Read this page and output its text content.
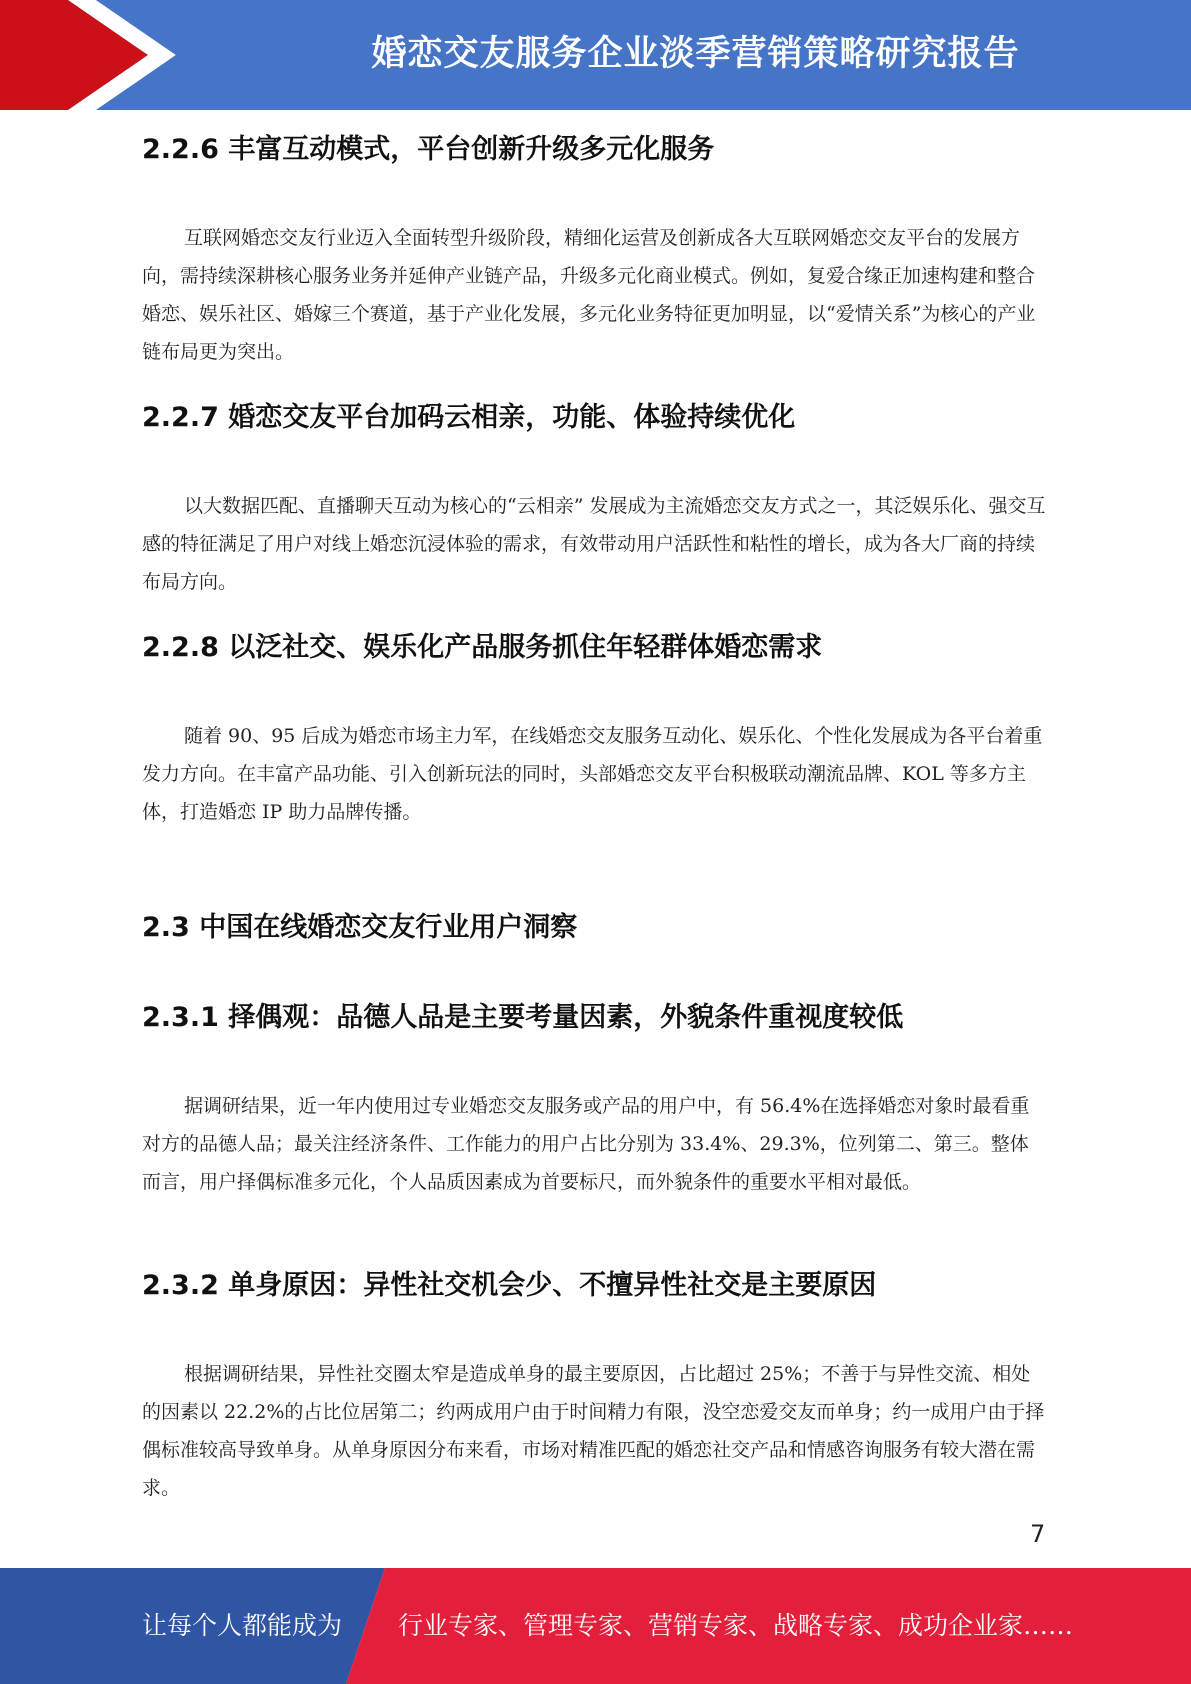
婚恋交友服务企业淡季营销策略研究报告
2.2.6 丰富互动模式，平台创新升级多元化服务

互联网婚恋交友行业迈入全面转型升级阶段，精细化运营及创新成各大互联网婚恋交友平台的发展方向，需持续深耕核心服务业务并延伸产业链产品，升级多元化商业模式。例如，复爱合缘正加速构建和整合婚恋、娱乐社区、婚嫁三个赛道，基于产业化发展，多元化业务特征更加明显，以“爱情关系”为核心的产业链布局更为突出。

2.2.7 婚恋交友平台加码云相亲，功能、体验持续优化

以大数据匹配、直播聊天互动为核心的“云相亲” 发展成为主流婚恋交友方式之一，其泛娱乐化、强交互感的特征满足了用户对线上婚恋沉浸体验的需求，有效带动用户活跃性和粘性的增长，成为各大厂商的持续布局方向。

2.2.8 以泛社交、娱乐化产品服务抓住年轻群体婚恋需求

随着 90、95 后成为婚恋市场主力军，在线婚恋交友服务互动化、娱乐化、个性化发展成为各平台着重发力方向。在丰富产品功能、引入创新玩法的同时，头部婚恋交友平台积极联动潮流品牌、KOL 等多方主体，打造婚恋 IP 助力品牌传播。

2.3 中国在线婚恋交友行业用户洞察
2.3.1 择偶观：品德人品是主要考量因素，外貌条件重视度较低

据调研结果，近一年内使用过专业婚恋交友服务或产品的用户中，有 56.4%在选择婚恋对象时最看重对方的品德人品；最关注经济条件、工作能力的用户占比分别为 33.4%、29.3%，位列第二、第三。整体而言，用户择偶标准多元化，个人品质因素成为首要标尺，而外貌条件的重要水平相对最低。

2.3.2 单身原因：异性社交机会少、不擅异性社交是主要原因

根据调研结果，异性社交圈太窄是造成单身的最主要原因，占比超过 25%；不善于与异性交流、相处的因素以 22.2%的占比位居第二；约两成用户由于时间精力有限，没空恋爱交友而单身；约一成用户由于择偶标准较高导致单身。从单身原因分布来看，市场对精准匹配的婚恋社交产品和情感咨询服务有较大潜在需求。

7
让每个人都能成为 行业专家、管理专家、营销专家、战略专家、成功企业家……
